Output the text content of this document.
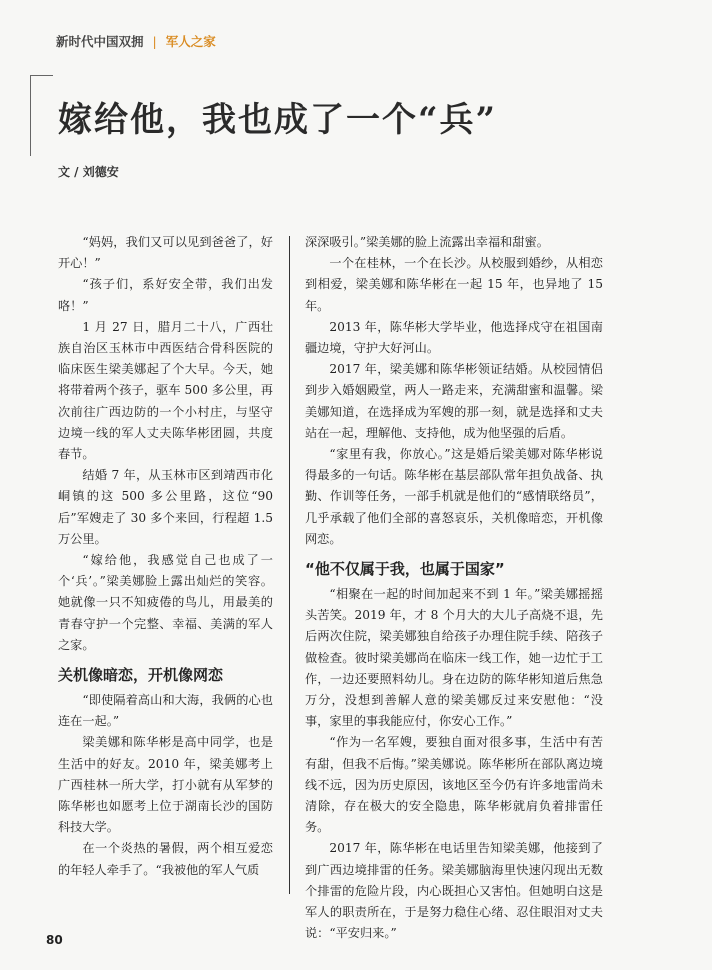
新时代中国双拥 | 军人之家
嫁给他，我也成了一个“兵”
文 / 刘德安

“妈妈，我们又可以见到爸爸了，好开心！”

“孩子们，系好安全带，我们出发咯！”

1 月 27 日，腊月二十八，广西壮族自治区玉林市中西医结合骨科医院的临床医生梁美娜起了个大早。今天，她将带着两个孩子，驱车 500 多公里，再次前往广西边防的一个小村庄，与坚守边境一线的军人丈夫陈华彬团圆，共度春节。

结婚 7 年，从玉林市区到靖西市化峒镇的这 500 多公里路，这位“90 后”军嫂走了 30 多个来回，行程超 1.5 万公里。

“嫁给他，我感觉自己也成了一个‘兵’。”梁美娜脸上露出灿烂的笑容。她就像一只不知疲倦的鸟儿，用最美的青春守护一个完整、幸福、美满的军人之家。

关机像暗恋，开机像网恋

“即使隔着高山和大海，我俩的心也连在一起。”

梁美娜和陈华彬是高中同学，也是生活中的好友。2010 年，梁美娜考上广西桂林一所大学，打小就有从军梦的陈华彬也如愿考上位于湖南长沙的国防科技大学。

在一个炎热的暑假，两个相互爱恋的年轻人牵手了。“我被他的军人气质

深深吸引。”梁美娜的脸上流露出幸福和甜蜜。

一个在桂林，一个在长沙。从校服到婚纱，从相恋到相爱，梁美娜和陈华彬在一起 15 年，也异地了 15 年。

2013 年，陈华彬大学毕业，他选择戍守在祖国南疆边境，守护大好河山。

2017 年，梁美娜和陈华彬领证结婚。从校园情侣到步入婚姻殿堂，两人一路走来，充满甜蜜和温馨。梁美娜知道，在选择成为军嫂的那一刻，就是选择和丈夫站在一起，理解他、支持他，成为他坚强的后盾。

“家里有我，你放心。”这是婚后梁美娜对陈华彬说得最多的一句话。陈华彬在基层部队常年担负战备、执勤、作训等任务，一部手机就是他们的“感情联络员”，几乎承载了他们全部的喜怒哀乐，关机像暗恋，开机像网恋。

“他不仅属于我，也属于国家”

“相聚在一起的时间加起来不到 1 年。”梁美娜摇摇头苦笑。2019 年，才 8 个月大的大儿子高烧不退，先后两次住院，梁美娜独自给孩子办理住院手续、陪孩子做检查。彼时梁美娜尚在临床一线工作，她一边忙于工作，一边还要照料幼儿。身在边防的陈华彬知道后焦急万分，没想到善解人意的梁美娜反过来安慰他：“没事，家里的事我能应付，你安心工作。”

“作为一名军嫂，要独自面对很多事，生活中有苦有甜，但我不后悔。”梁美娜说。陈华彬所在部队离边境线不远，因为历史原因，该地区至今仍有许多地雷尚未清除，存在极大的安全隐患，陈华彬就肩负着排雷任务。

2017 年，陈华彬在电话里告知梁美娜，他接到了到广西边境排雷的任务。梁美娜脑海里快速闪现出无数个排雷的危险片段，内心既担心又害怕。但她明白这是军人的职责所在，于是努力稳住心绪、忍住眼泪对丈夫说：“平安归来。”

80
